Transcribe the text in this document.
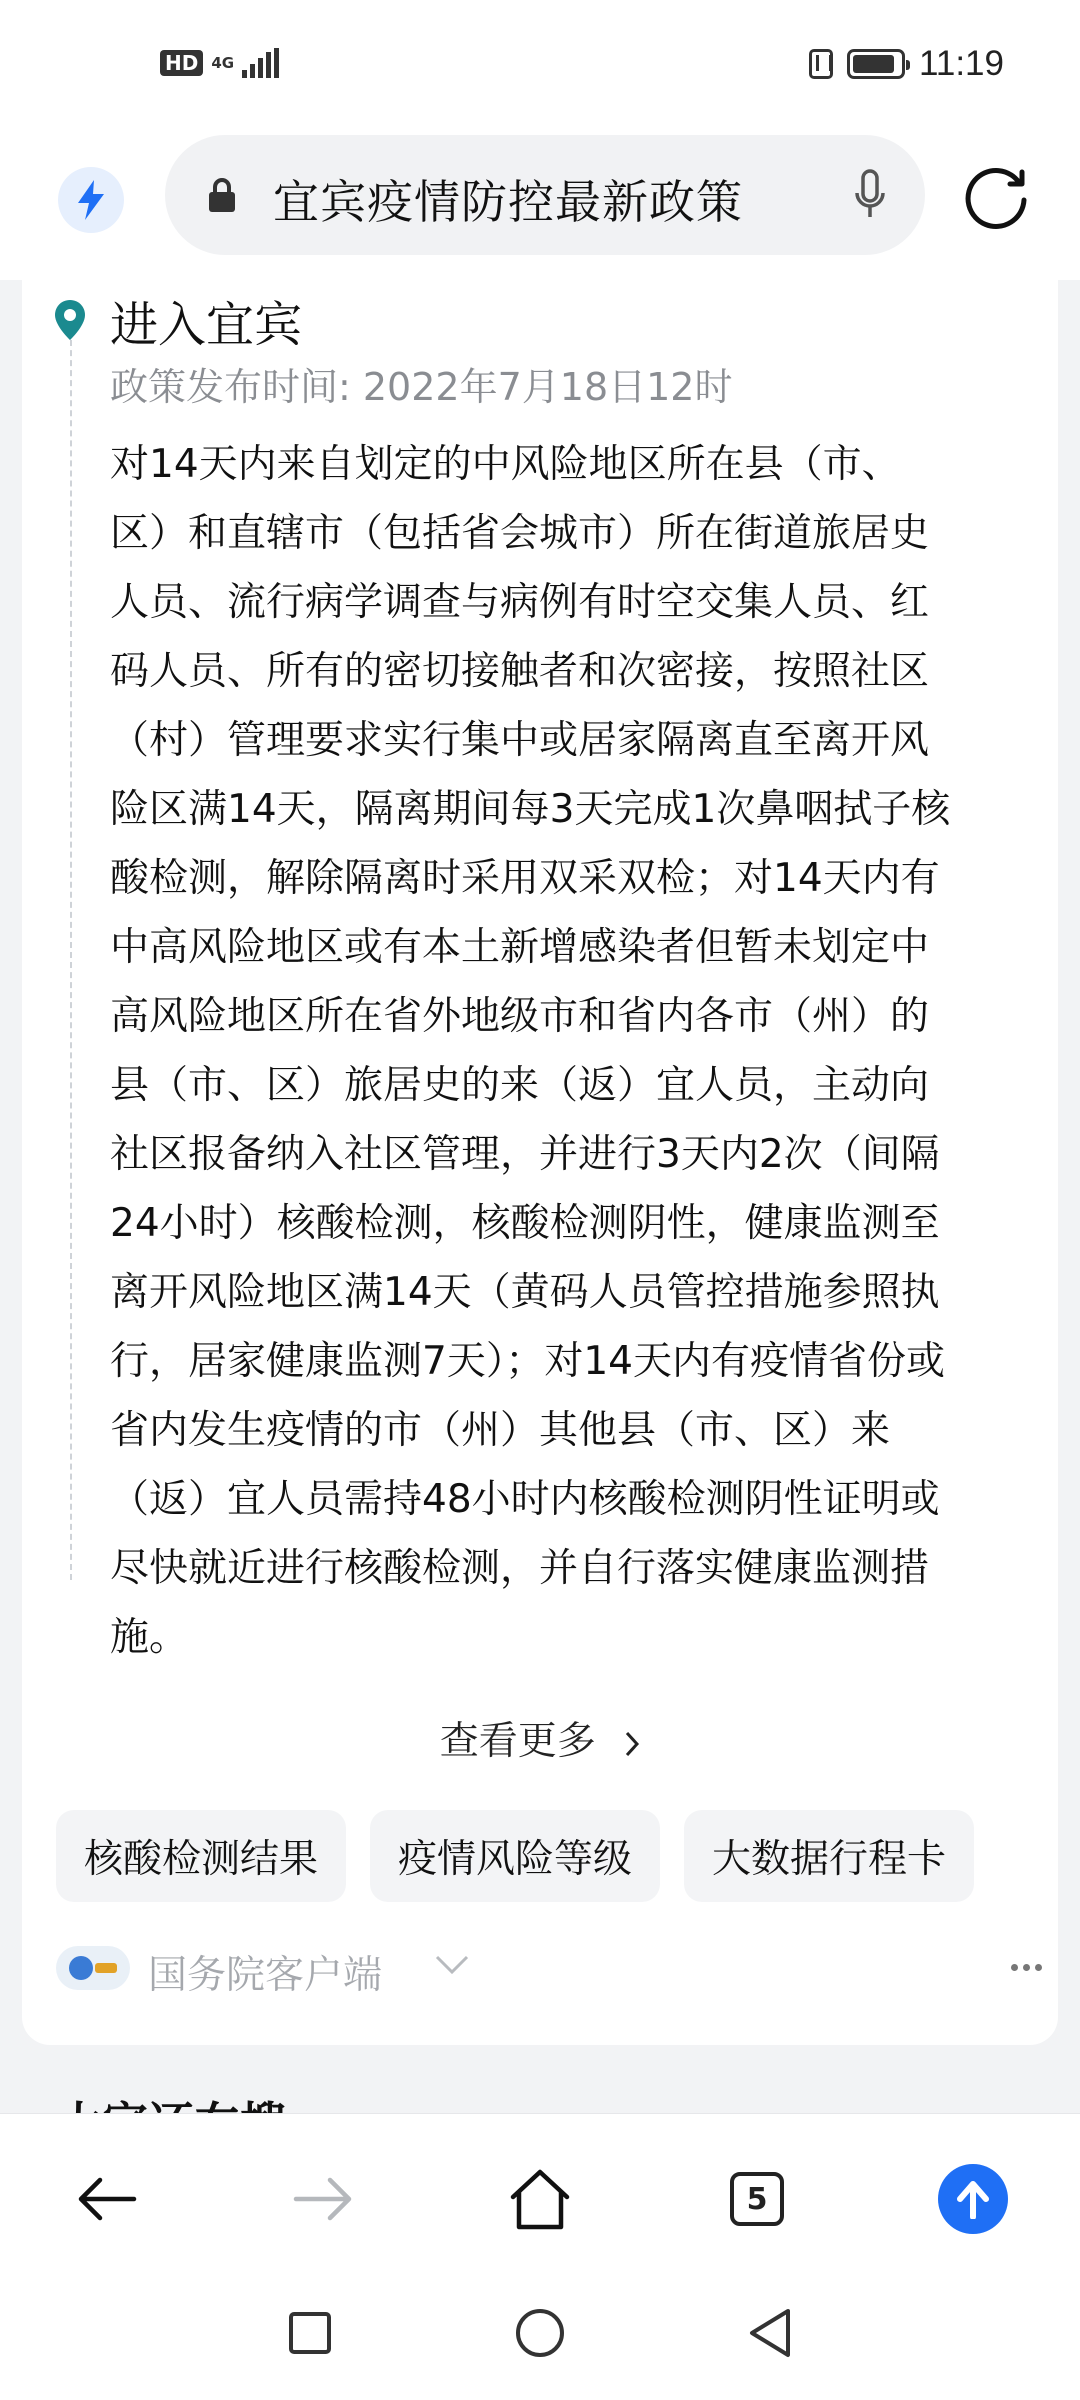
HD 4G	11:19
宜宾疫情防控最新政策
进入宜宾
政策发布时间: 2022年7月18日12时
对14天内来自划定的中风险地区所在县（市、
区）和直辖市（包括省会城市）所在街道旅居史
人员、流行病学调查与病例有时空交集人员、红
码人员、所有的密切接触者和次密接，按照社区
（村）管理要求实行集中或居家隔离直至离开风
险区满14天，隔离期间每3天完成1次鼻咽拭子核
酸检测，解除隔离时采用双采双检；对14天内有
中高风险地区或有本土新增感染者但暂未划定中
高风险地区所在省外地级市和省内各市（州）的
县（市、区）旅居史的来（返）宜人员，主动向
社区报备纳入社区管理，并进行3天内2次（间隔
24小时）核酸检测，核酸检测阴性，健康监测至
离开风险地区满14天（黄码人员管控措施参照执
行，居家健康监测7天）；对14天内有疫情省份或
省内发生疫情的市（州）其他县（市、区）来
（返）宜人员需持48小时内核酸检测阴性证明或
尽快就近进行核酸检测，并自行落实健康监测措
施。
查看更多
核酸检测结果	疫情风险等级	大数据行程卡
国务院客户端
5
